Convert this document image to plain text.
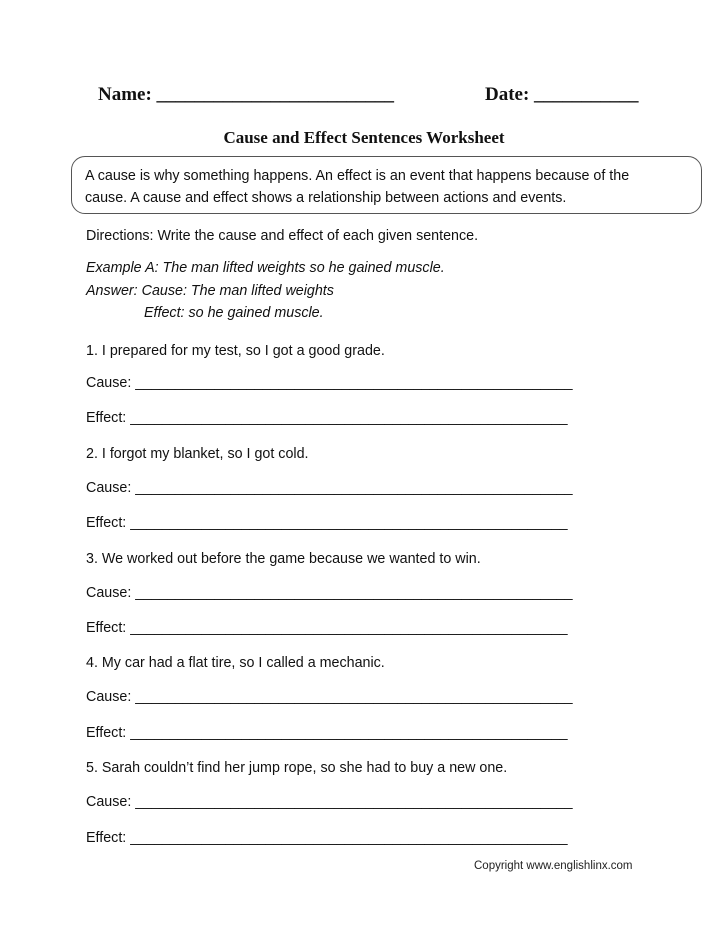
Name: _________________________	Date: ___________
Cause and Effect Sentences Worksheet
A cause is why something happens. An effect is an event that happens because of the
cause. A cause and effect shows a relationship between actions and events.
Directions: Write the cause and effect of each given sentence.
Example A: The man lifted weights so he gained muscle.
Answer: Cause: The man lifted weights
Effect: so he gained muscle.
1. I prepared for my test, so I got a good grade.
Cause: _______________________________________________________
Effect: _______________________________________________________
2. I forgot my blanket, so I got cold.
Cause: _______________________________________________________
Effect: _______________________________________________________
3. We worked out before the game because we wanted to win.
Cause: _______________________________________________________
Effect: _______________________________________________________
4. My car had a flat tire, so I called a mechanic.
Cause: _______________________________________________________
Effect: _______________________________________________________
5. Sarah couldn’t find her jump rope, so she had to buy a new one.
Cause: _______________________________________________________
Effect: _______________________________________________________
Copyright www.englishlinx.com
